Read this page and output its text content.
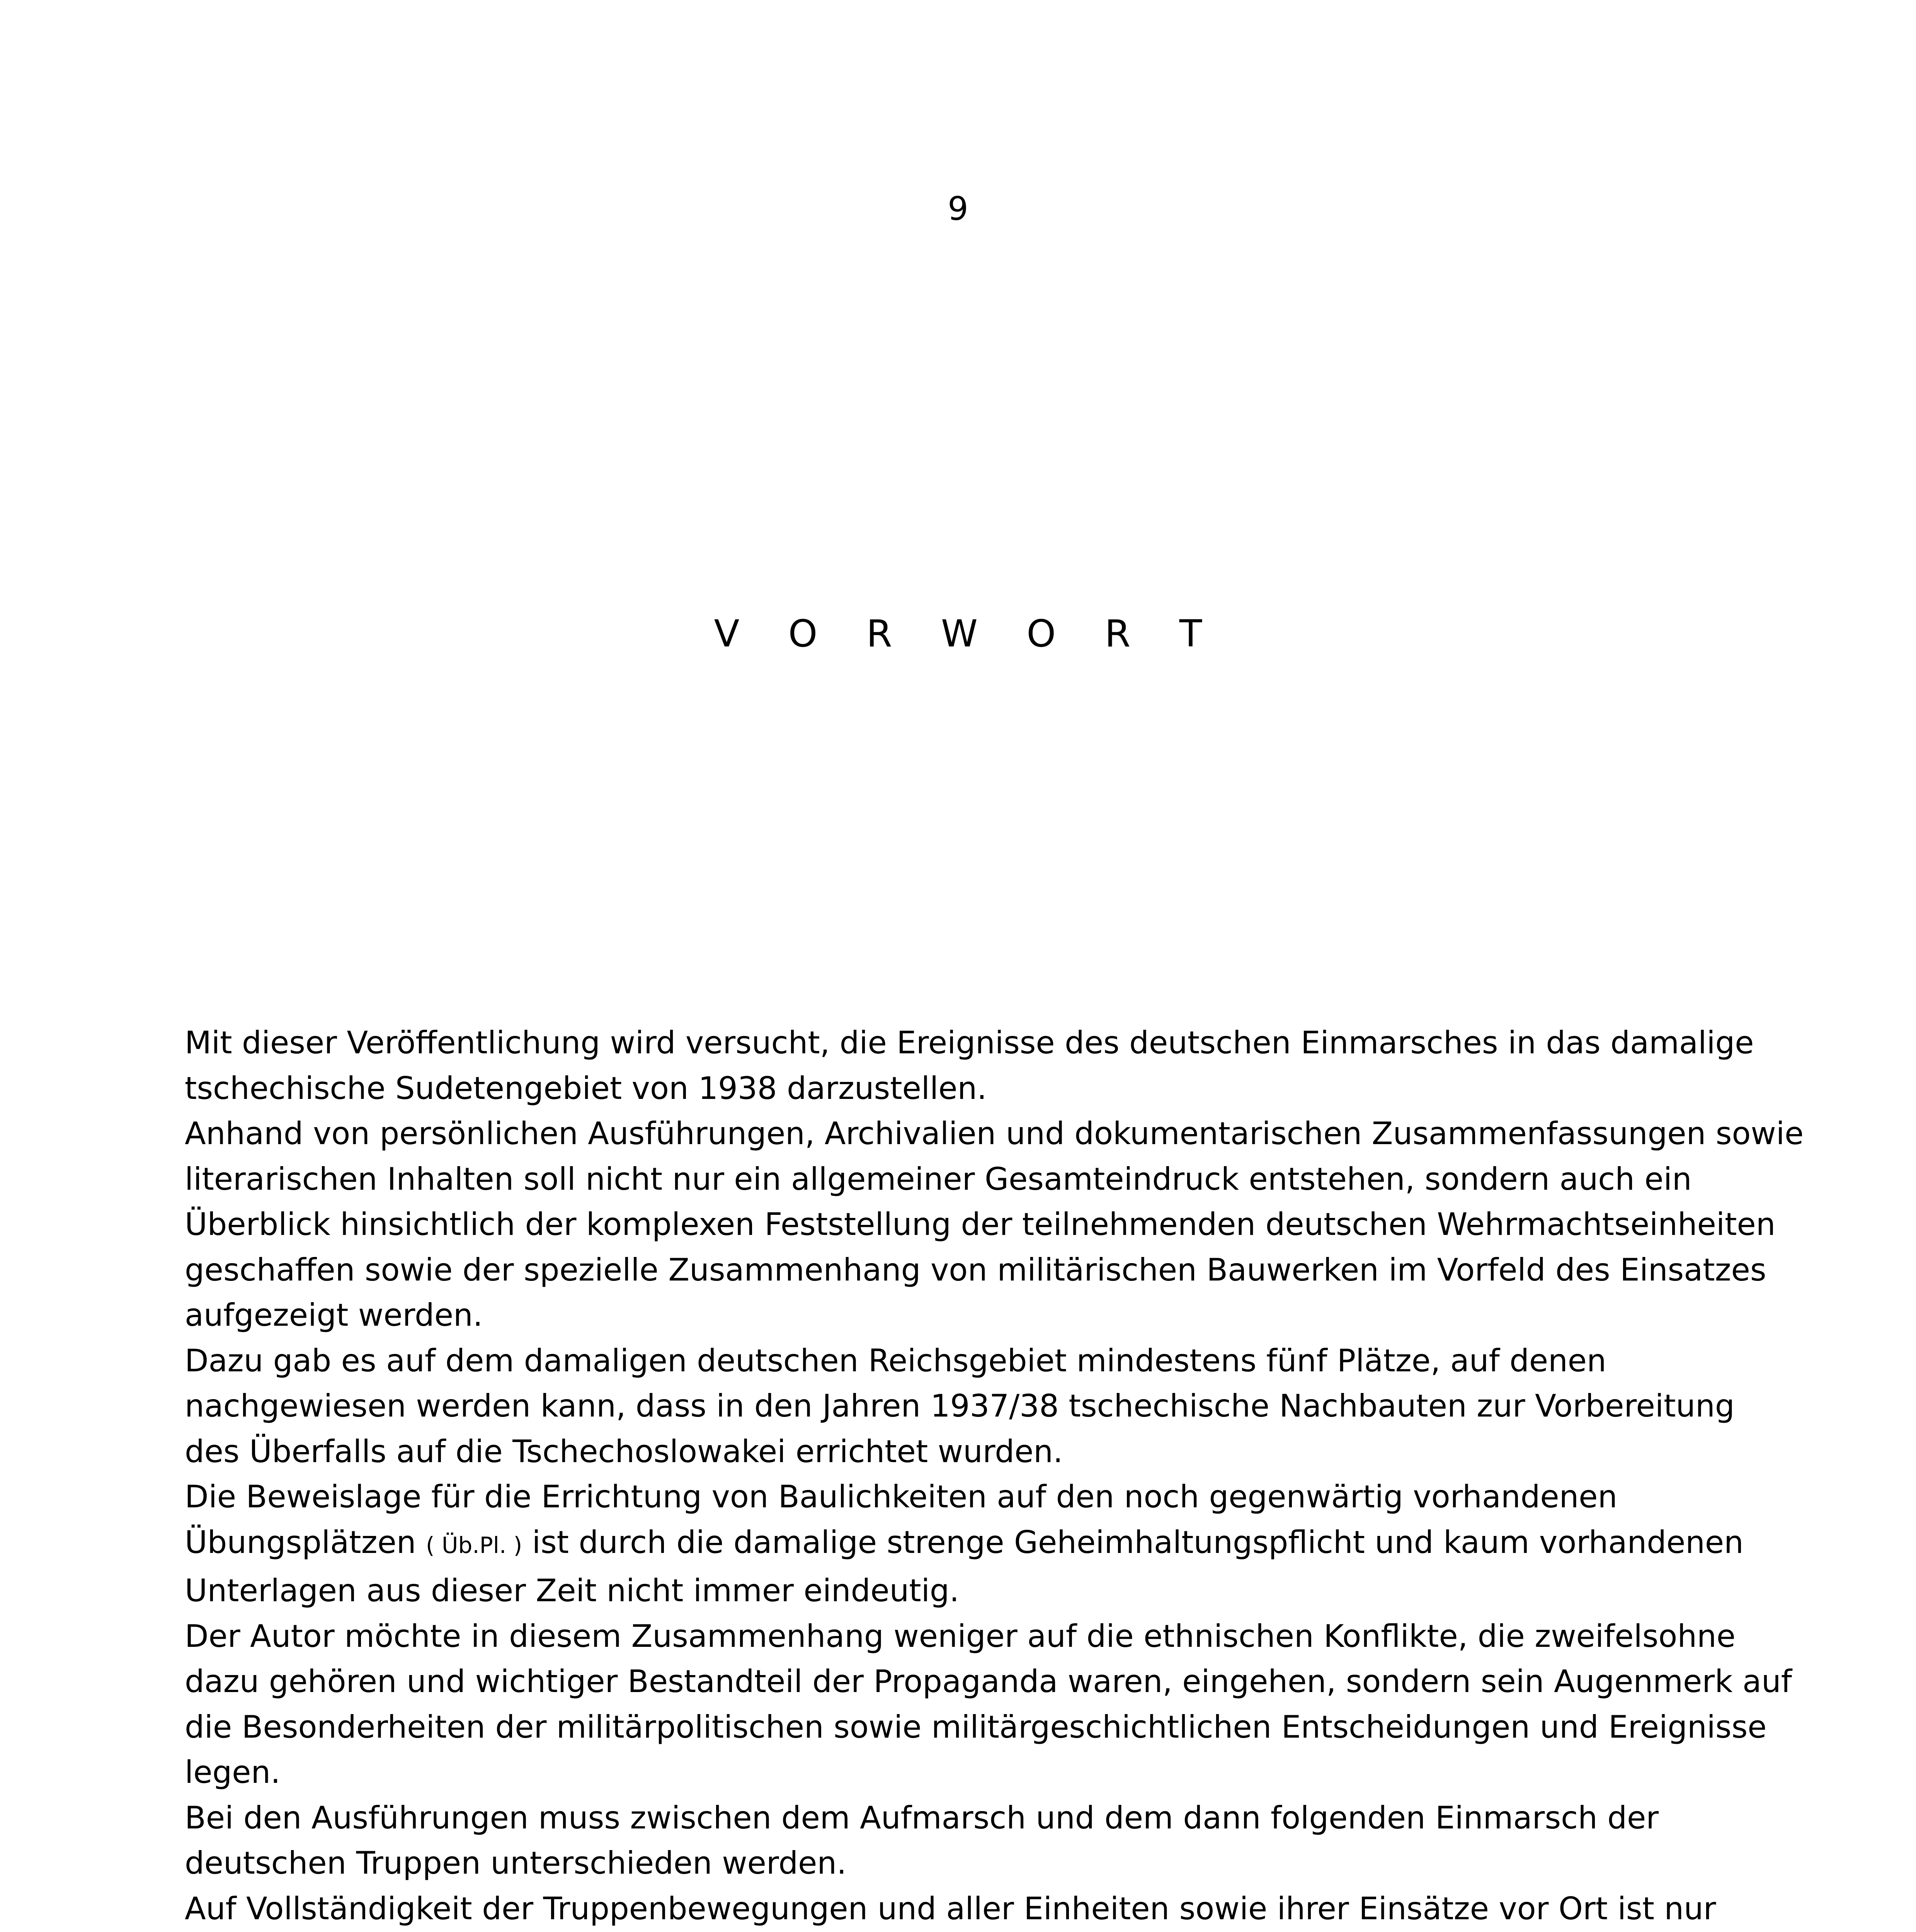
9
V O R W O R T

Mit dieser Veröffentlichung wird versucht, die Ereignisse des deutschen Einmarsches in das damalige

tschechische Sudetengebiet von 1938 darzustellen.

Anhand von persönlichen Ausführungen, Archivalien und dokumentarischen Zusammenfassungen sowie

literarischen Inhalten soll nicht nur ein allgemeiner Gesamteindruck entstehen, sondern auch ein

Überblick hinsichtlich der komplexen Feststellung der teilnehmenden deutschen Wehrmachtseinheiten

geschaffen sowie der spezielle Zusammenhang von militärischen Bauwerken im Vorfeld des Einsatzes

aufgezeigt werden.

Dazu gab es auf dem damaligen deutschen Reichsgebiet mindestens fünf Plätze, auf denen

nachgewiesen werden kann, dass in den Jahren 1937/38 tschechische Nachbauten zur Vorbereitung

des Überfalls auf die Tschechoslowakei errichtet wurden.

Die Beweislage für die Errichtung von Baulichkeiten auf den noch gegenwärtig vorhandenen

Übungsplätzen ( Üb.Pl. ) ist durch die damalige strenge Geheimhaltungspflicht und kaum vorhandenen

Unterlagen aus dieser Zeit nicht immer eindeutig.

Der Autor möchte in diesem Zusammenhang weniger auf die ethnischen Konflikte, die zweifelsohne

dazu gehören und wichtiger Bestandteil der Propaganda waren, eingehen, sondern sein Augenmerk auf

die Besonderheiten der militärpolitischen sowie militärgeschichtlichen Entscheidungen und Ereignisse

legen.

Bei den Ausführungen muss zwischen dem Aufmarsch und dem dann folgenden Einmarsch der

deutschen Truppen unterschieden werden.

Auf Vollständigkeit der Truppenbewegungen und aller Einheiten sowie ihrer Einsätze vor Ort ist nur
